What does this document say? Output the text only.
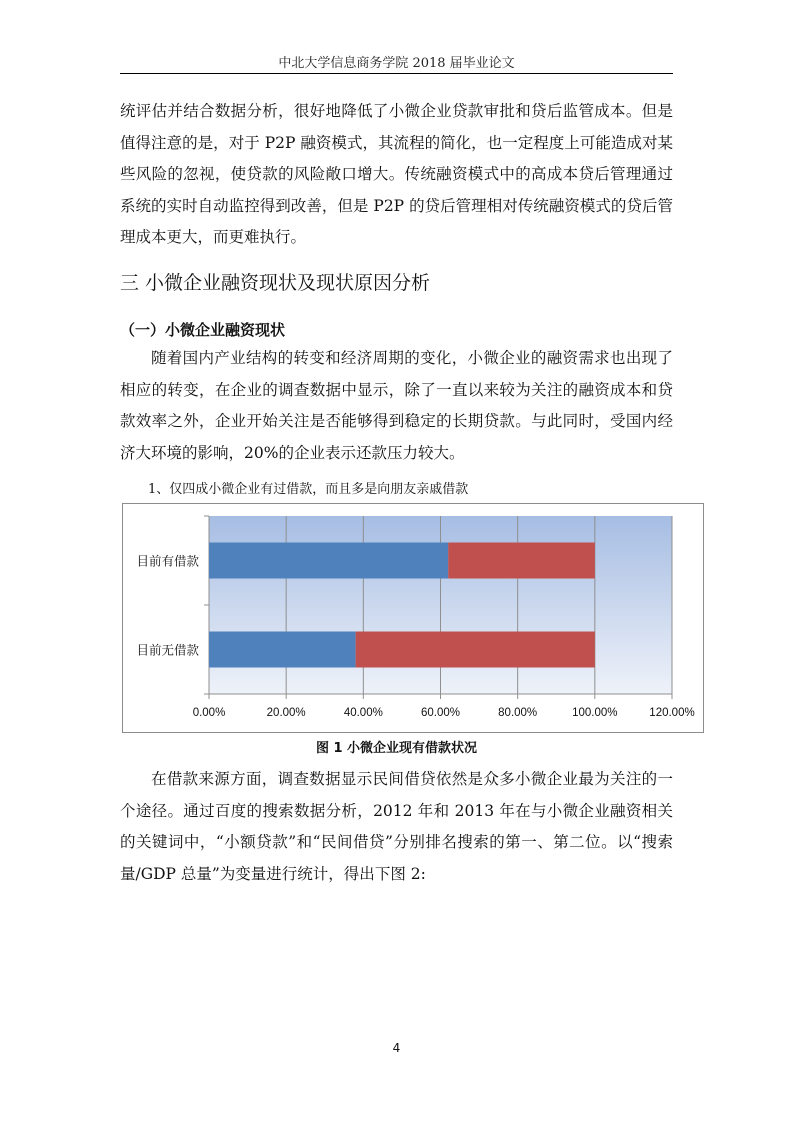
中北大学信息商务学院 2018 届毕业论文
统评估并结合数据分析，很好地降低了小微企业贷款审批和贷后监管成本。但是值得注意的是，对于 P2P 融资模式，其流程的简化，也一定程度上可能造成对某些风险的忽视，使贷款的风险敞口增大。传统融资模式中的高成本贷后管理通过系统的实时自动监控得到改善，但是 P2P 的贷后管理相对传统融资模式的贷后管理成本更大，而更难执行。
三 小微企业融资现状及现状原因分析
（一）小微企业融资现状
随着国内产业结构的转变和经济周期的变化，小微企业的融资需求也出现了相应的转变，在企业的调查数据中显示，除了一直以来较为关注的融资成本和贷款效率之外，企业开始关注是否能够得到稳定的长期贷款。与此同时，受国内经济大环境的影响，20%的企业表示还款压力较大。
1、仅四成小微企业有过借款，而且多是向朋友亲戚借款
0.00%	20.00%	40.00%	60.00%	80.00%	100.00%	120.00%
目前有借款
目前无借款
图 1 小微企业现有借款状况
在借款来源方面，调查数据显示民间借贷依然是众多小微企业最为关注的一个途径。通过百度的搜索数据分析，2012 年和 2013 年在与小微企业融资相关的关键词中，“小额贷款”和“民间借贷”分别排名搜索的第一、第二位。以“搜索量/GDP 总量”为变量进行统计，得出下图 2:
4
